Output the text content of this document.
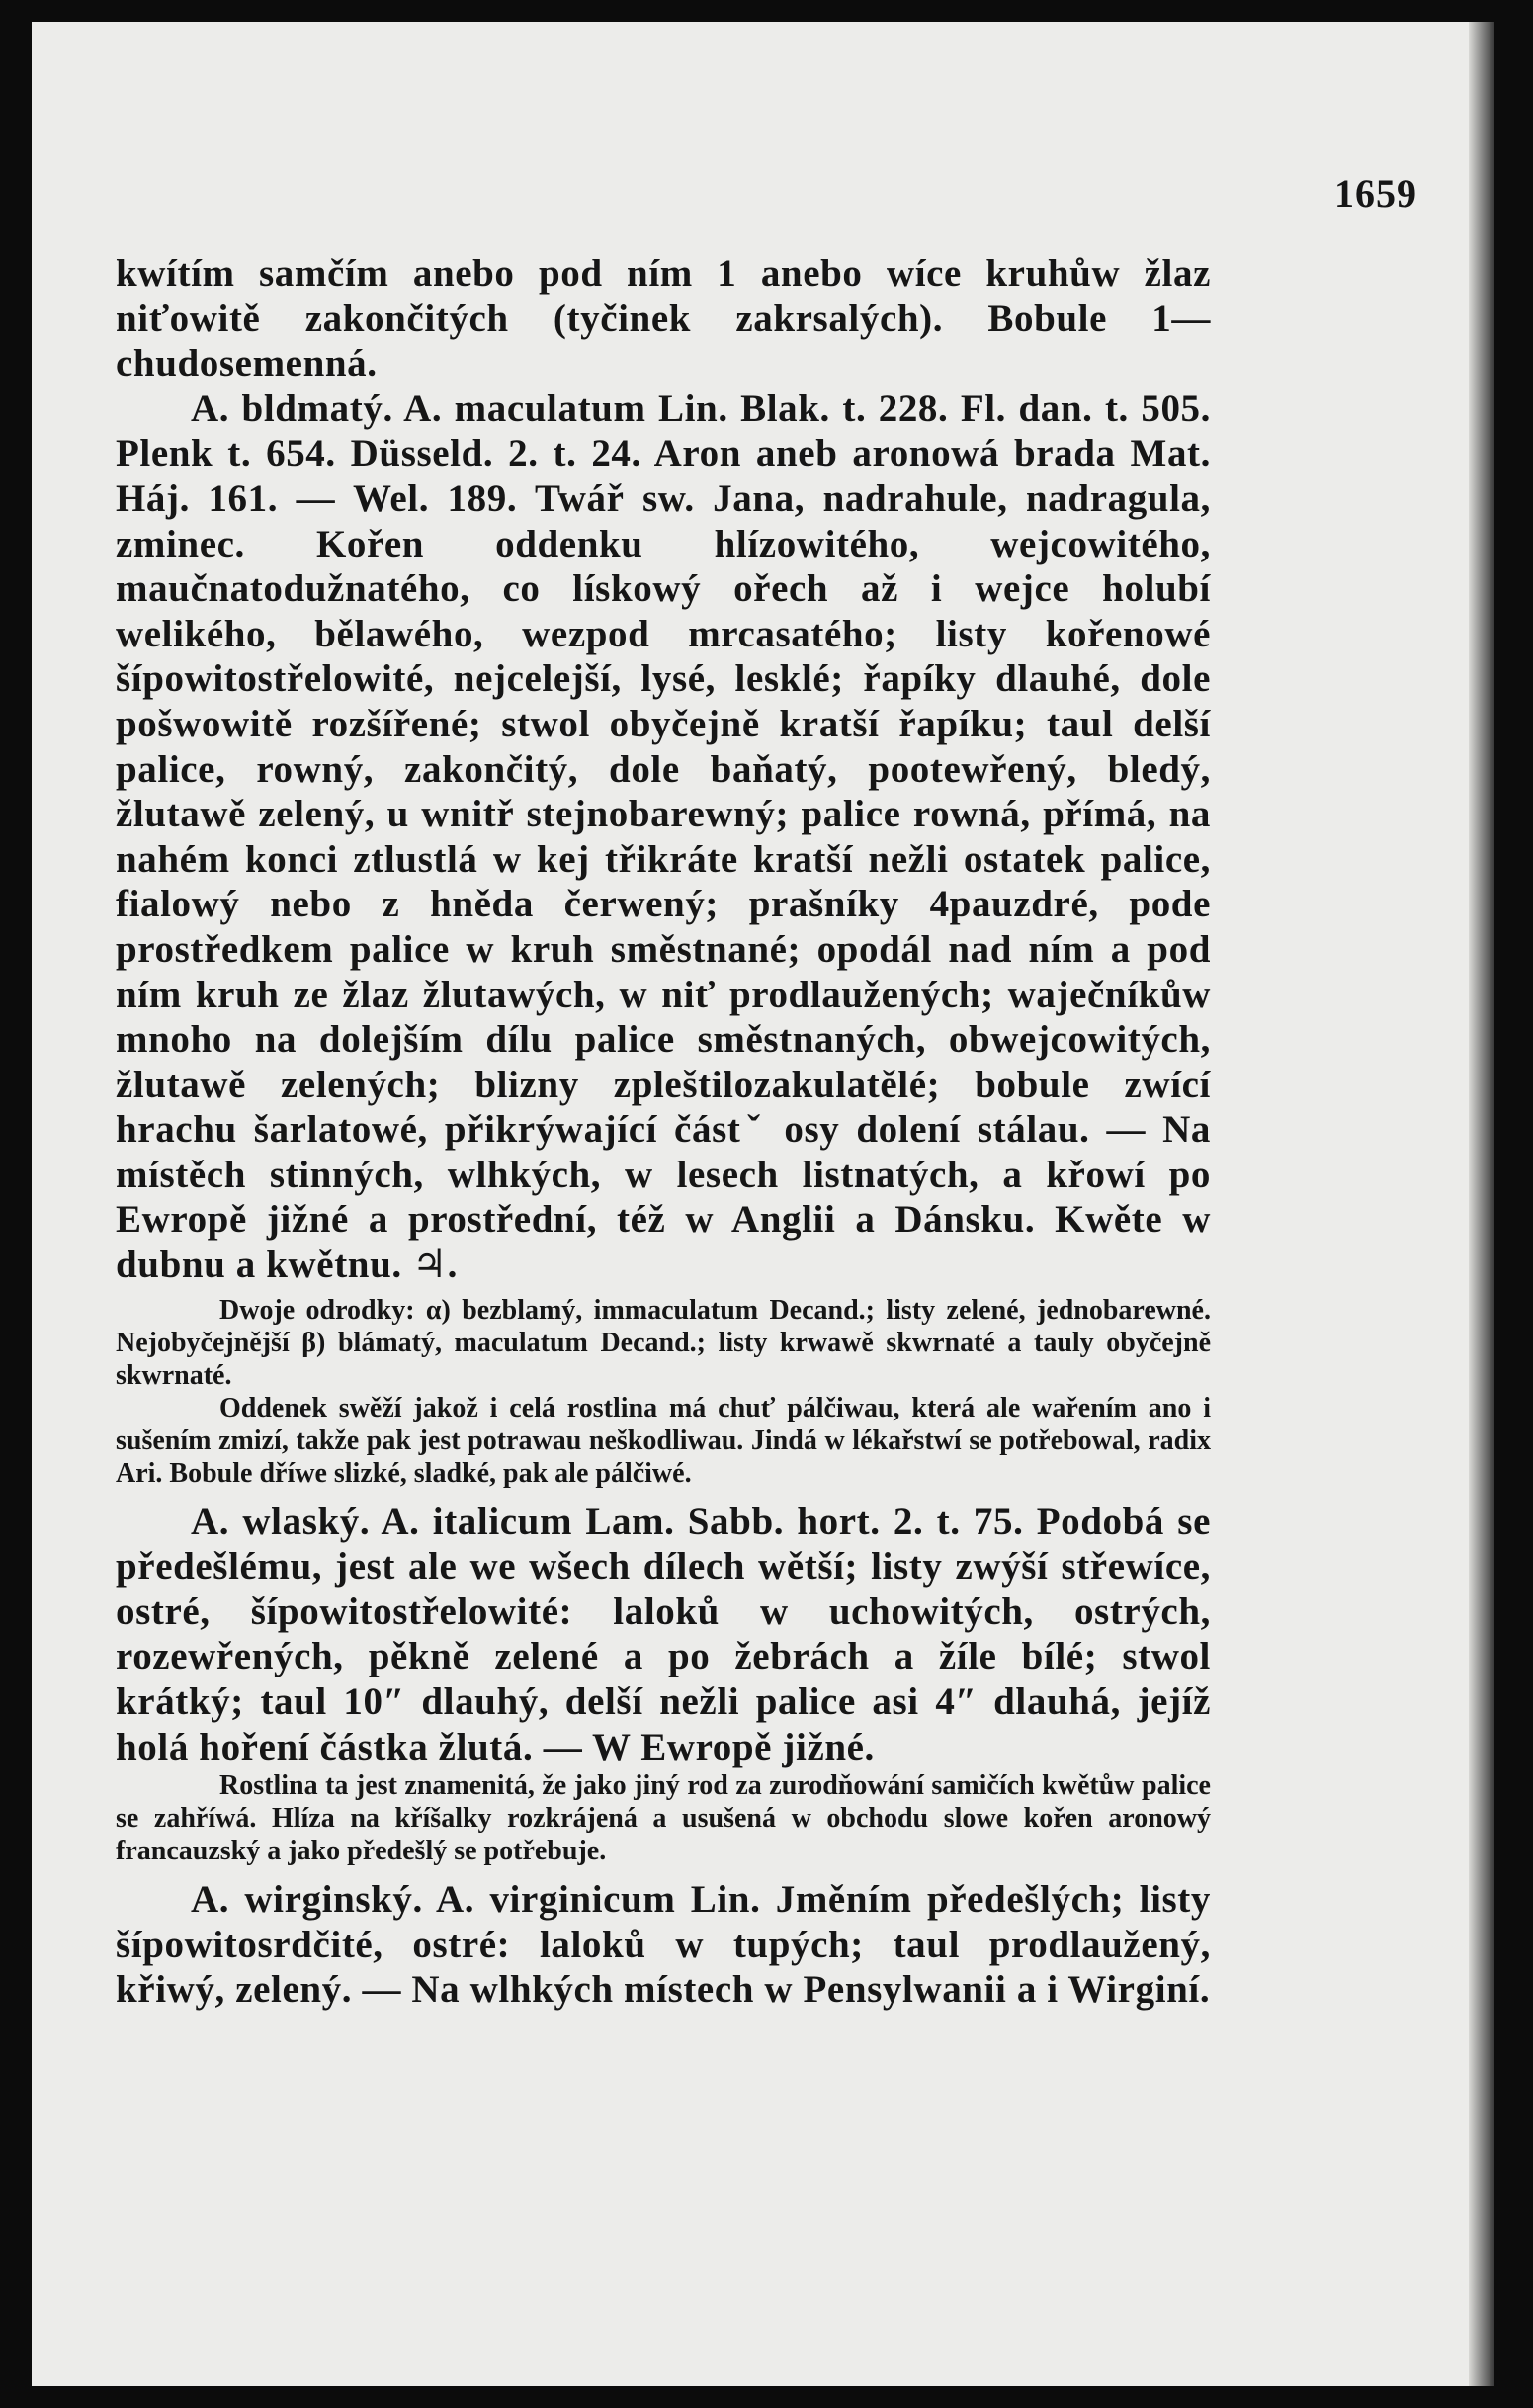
1659

kwítím samčím anebo pod ním 1 anebo wíce kruhůw žlaz niťowitě zakončitých (tyčinek zakrsalých). Bobule 1— chudosemenná.

A. bldmatý. A. maculatum Lin. Blak. t. 228. Fl. dan. t. 505. Plenk t. 654. Düsseld. 2. t. 24. Aron aneb aronowá brada Mat. Háj. 161. — Wel. 189. Twář sw. Jana, nadrahule, nadragula, zminec. Kořen oddenku hlízowitého, wejcowitého, maučnatodužnatého, co lískowý ořech až i wejce holubí welikého, bělawého, wezpod mrcasatého; listy kořenowé šípowitostřelowité, nejcelejší, lysé, lesklé; řapíky dlauhé, dole pošwowitě rozšířené; stwol obyčejně kratší řapíku; taul delší palice, rowný, zakončitý, dole baňatý, pootewřený, bledý, žlutawě zelený, u wnitř stejnobarewný; palice rowná, přímá, na nahém konci ztlustlá w kej třikráte kratší nežli ostatek palice, fialowý nebo z hněda čerwený; prašníky 4pauzdré, pode prostředkem palice w kruh směstnané; opodál nad ním a pod ním kruh ze žlaz žlutawých, w niť prodlaužených; waječníkůw mnoho na dolejším dílu palice směstnaných, obwejcowitých, žlutawě zelených; blizny zpleštilozakulatělé; bobule zwící hrachu šarlatowé, přikrýwající částˇ osy dolení stálau. — Na místěch stinných, wlhkých, w lesech listnatých, a křowí po Ewropě jižné a prostřední, též w Anglii a Dánsku. Kwěte w dubnu a kwětnu. ♃.

Dwoje odrodky: α) bezblamý, immaculatum Decand.; listy zelené, jednobarewné. Nejobyčejnější β) blámatý, maculatum Decand.; listy krwawě skwrnaté a tauly obyčejně skwrnaté.

Oddenek swěží jakož i celá rostlina má chuť pálčiwau, která ale wařením ano i sušením zmizí, takže pak jest potrawau neškodliwau. Jindá w lékařstwí se potřebowal, radix Ari. Bobule dříwe slizké, sladké, pak ale pálčiwé.

A. wlaský. A. italicum Lam. Sabb. hort. 2. t. 75. Podobá se předešlému, jest ale we wšech dílech wětší; listy zwýší střewíce, ostré, šípowitostřelowité: laloků w uchowitých, ostrých, rozewřených, pěkně zelené a po žebrách a žíle bílé; stwol krátký; taul 10″ dlauhý, delší nežli palice asi 4″ dlauhá, jejíž holá hoření částka žlutá. — W Ewropě jižné.

Rostlina ta jest znamenitá, že jako jiný rod za zurodňowání samičích kwětůw palice se zahříwá. Hlíza na kříšalky rozkrájená a usušená w obchodu slowe kořen aronowý francauzský a jako předešlý se potřebuje.

A. wirginský. A. virginicum Lin. Jměním předešlých; listy šípowitosrdčité, ostré: laloků w tupých; taul prodlaužený, křiwý, zelený. — Na wlhkých místech w Pensylwanii a i Wirginí.
